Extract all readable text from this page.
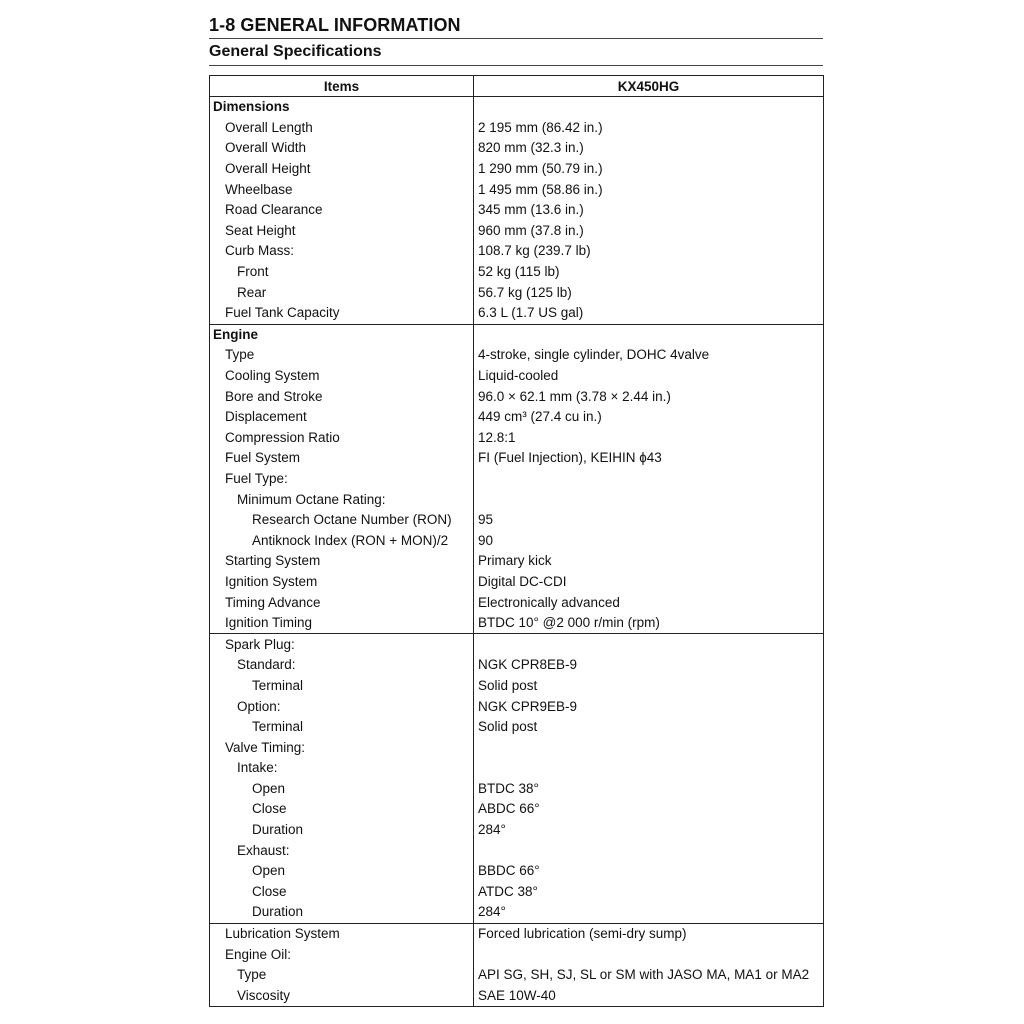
1-8 GENERAL INFORMATION
General Specifications
Items	KX450HG
Dimensions	
Overall Length	2 195 mm (86.42 in.)
Overall Width	820 mm (32.3 in.)
Overall Height	1 290 mm (50.79 in.)
Wheelbase	1 495 mm (58.86 in.)
Road Clearance	345 mm (13.6 in.)
Seat Height	960 mm (37.8 in.)
Curb Mass:	108.7 kg (239.7 lb)
Front	52 kg (115 lb)
Rear	56.7 kg (125 lb)
Fuel Tank Capacity	6.3 L (1.7 US gal)
Engine	
Type	4-stroke, single cylinder, DOHC 4valve
Cooling System	Liquid-cooled
Bore and Stroke	96.0 × 62.1 mm (3.78 × 2.44 in.)
Displacement	449 cm³ (27.4 cu in.)
Compression Ratio	12.8:1
Fuel System	FI (Fuel Injection), KEIHIN ɸ43
Fuel Type:	
Minimum Octane Rating:	
Research Octane Number (RON)	95
Antiknock Index (RON + MON)/2	90
Starting System	Primary kick
Ignition System	Digital DC-CDI
Timing Advance	Electronically advanced
Ignition Timing	BTDC 10° @2 000 r/min (rpm)
Spark Plug:	
Standard:	NGK CPR8EB-9
Terminal	Solid post
Option:	NGK CPR9EB-9
Terminal	Solid post
Valve Timing:	
Intake:	
Open	BTDC 38°
Close	ABDC 66°
Duration	284°
Exhaust:	
Open	BBDC 66°
Close	ATDC 38°
Duration	284°
Lubrication System	Forced lubrication (semi-dry sump)
Engine Oil:	
Type	API SG, SH, SJ, SL or SM with JASO MA, MA1 or MA2
Viscosity	SAE 10W-40
